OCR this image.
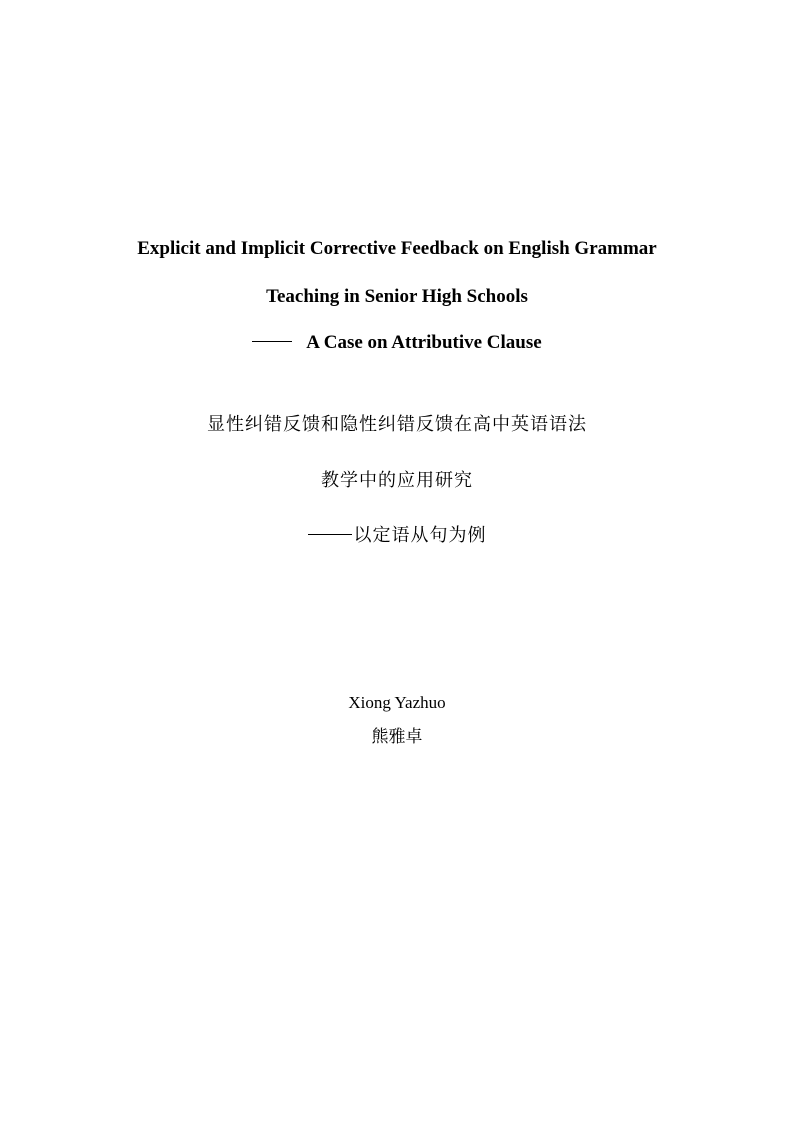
Explicit and Implicit Corrective Feedback on English Grammar
Teaching in Senior High Schools
A Case on Attributive Clause
显性纠错反馈和隐性纠错反馈在高中英语语法
教学中的应用研究
以定语从句为例
Xiong Yazhuo
熊雅卓
